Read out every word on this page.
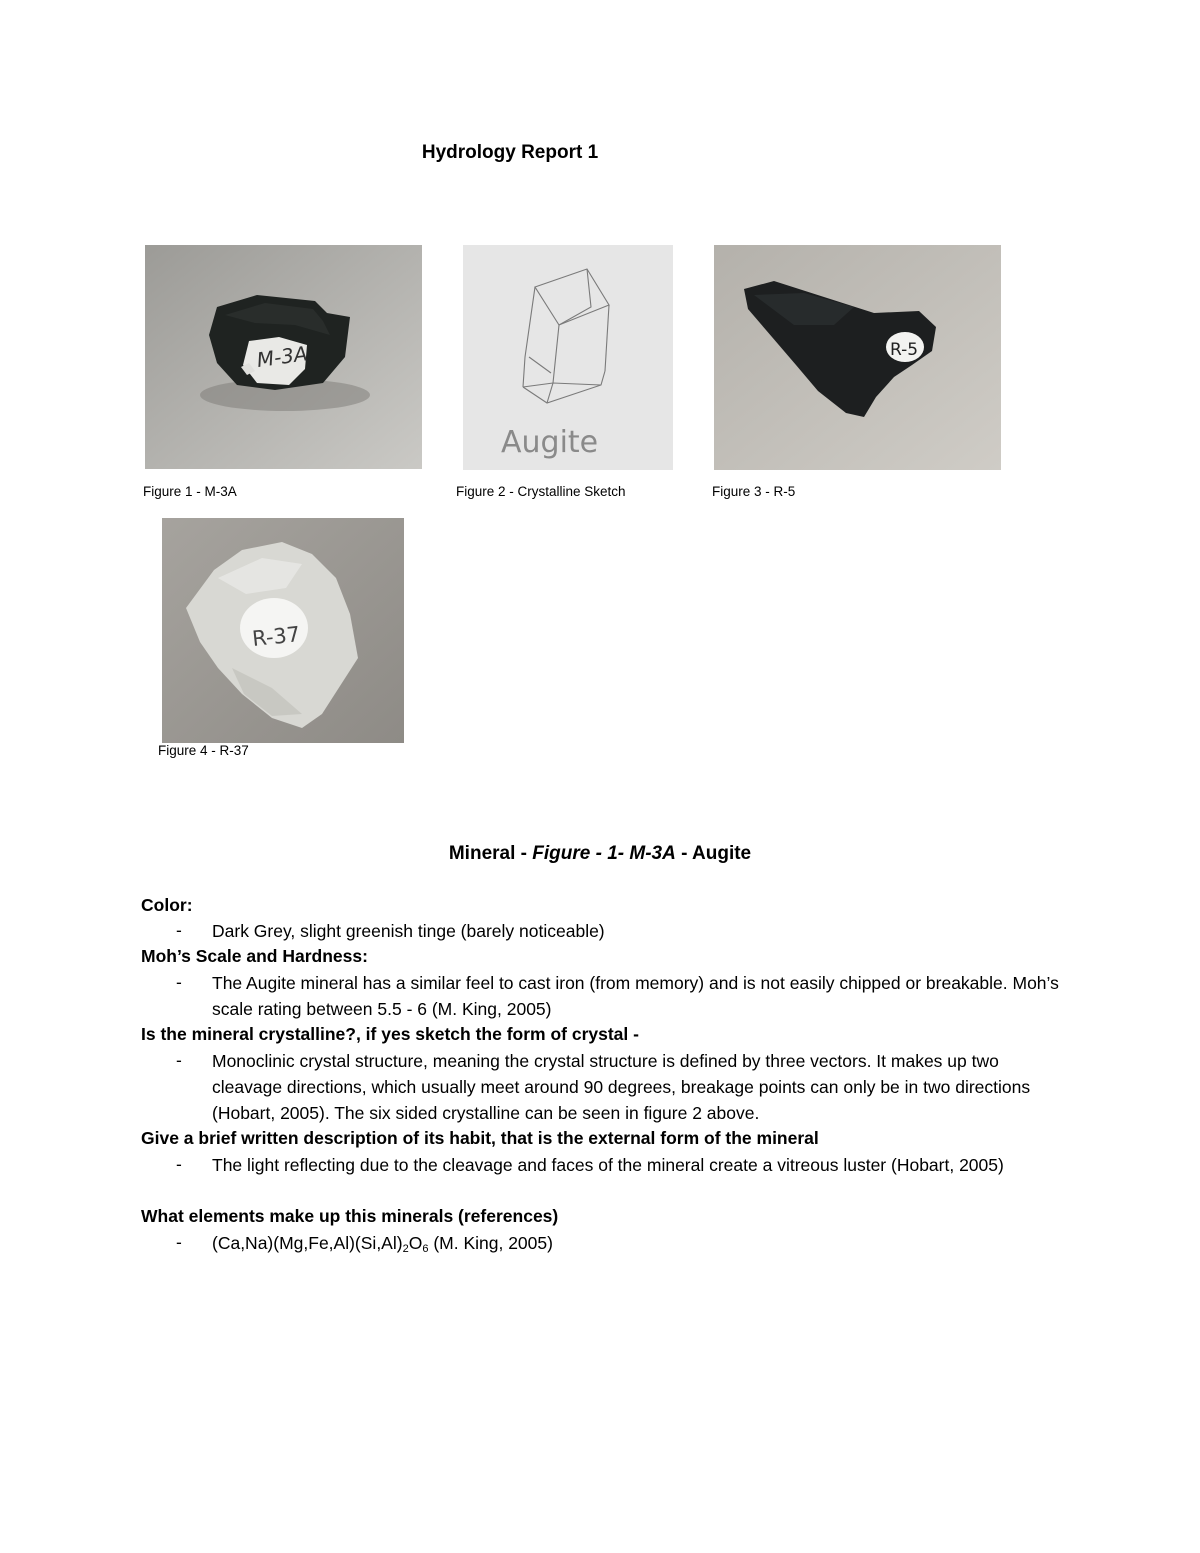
Hydrology Report 1
M-3A
Figure 1 - M-3A
Augite
Figure 2 - Crystalline Sketch
R-5
Figure 3 - R-5
R-37
Figure 4 - R-37
Mineral - Figure - 1- M-3A - Augite
Color:
- Dark Grey, slight greenish tinge (barely noticeable)
Moh’s Scale and Hardness:
- The Augite mineral has a similar feel to cast iron (from memory) and is not easily chipped or breakable. Moh’s scale rating between 5.5 - 6 (M. King, 2005)
Is the mineral crystalline?, if yes sketch the form of crystal -
- Monoclinic crystal structure, meaning the crystal structure is defined by three vectors. It makes up two cleavage directions, which usually meet around 90 degrees, breakage points can only be in two directions (Hobart, 2005). The six sided crystalline can be seen in figure 2 above.
Give a brief written description of its habit, that is the external form of the mineral
- The light reflecting due to the cleavage and faces of the mineral create a vitreous luster (Hobart, 2005)
What elements make up this minerals (references)
- $(Ca,Na)(Mg,Fe,Al)(Si,Al)_2O_6$ (M. King, 2005)
